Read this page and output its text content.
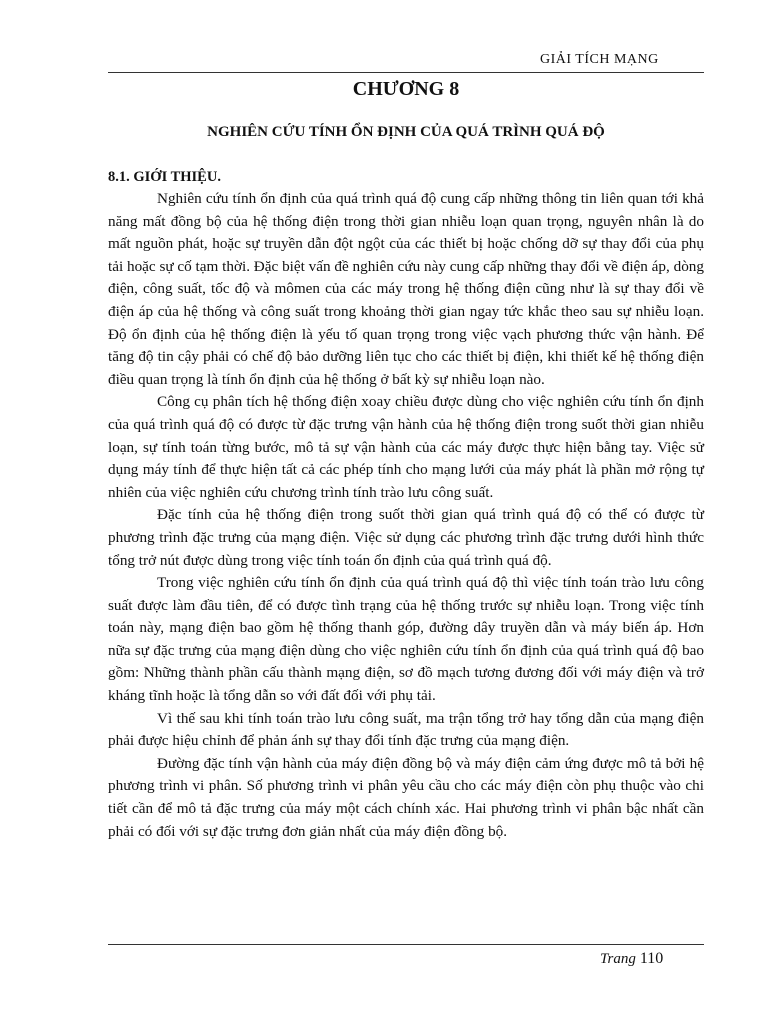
GIẢI TÍCH MẠNG
CHƯƠNG 8
NGHIÊN CỨU TÍNH ỔN ĐỊNH CỦA QUÁ TRÌNH QUÁ ĐỘ
8.1. GIỚI THIỆU.

Nghiên cứu tính ổn định của quá trình quá độ cung cấp những thông tin liên quan tới khả năng mất đồng bộ của hệ thống điện trong thời gian nhiễu loạn quan trọng, nguyên nhân là do mất nguồn phát, hoặc sự truyền dẫn đột ngột của các thiết bị hoặc chống dỡ sự thay đổi của phụ tải hoặc sự cố tạm thời. Đặc biệt vấn đề nghiên cứu này cung cấp những thay đổi về điện áp, dòng điện, công suất, tốc độ và mômen của các máy trong hệ thống điện cũng như là sự thay đổi về điện áp của hệ thống và công suất trong khoảng thời gian ngay tức khắc theo sau sự nhiễu loạn. Độ ổn định của hệ thống điện là yếu tố quan trọng trong việc vạch phương thức vận hành. Để tăng độ tin cậy phải có chế độ bảo dưỡng liên tục cho các thiết bị điện, khi thiết kế hệ thống điện điều quan trọng là tính ổn định của hệ thống ở bất kỳ sự nhiễu loạn nào.

Công cụ phân tích hệ thống điện xoay chiều được dùng cho việc nghiên cứu tính ổn định của quá trình quá độ có được từ đặc trưng vận hành của hệ thống điện trong suốt thời gian nhiễu loạn, sự tính toán từng bước, mô tả sự vận hành của các máy được thực hiện bằng tay. Việc sử dụng máy tính để thực hiện tất cả các phép tính cho mạng lưới của máy phát là phần mở rộng tự nhiên của việc nghiên cứu chương trình tính trào lưu công suất.

Đặc tính của hệ thống điện trong suốt thời gian quá trình quá độ có thể có được từ phương trình đặc trưng của mạng điện. Việc sử dụng các phương trình đặc trưng dưới hình thức tổng trở nút được dùng trong việc tính toán ổn định của quá trình quá độ.

Trong việc nghiên cứu tính ổn định của quá trình quá độ thì việc tính toán trào lưu công suất được làm đầu tiên, để có được tình trạng của hệ thống trước sự nhiễu loạn. Trong việc tính toán này, mạng điện bao gồm hệ thống thanh góp, đường dây truyền dẫn và máy biến áp. Hơn nữa sự đặc trưng của mạng điện dùng cho việc nghiên cứu tính ổn định của quá trình quá độ bao gồm: Những thành phần cấu thành mạng điện, sơ đồ mạch tương đương đối với máy điện và trở kháng tĩnh hoặc là tổng dẫn so với đất đối với phụ tải.

Vì thế sau khi tính toán trào lưu công suất, ma trận tổng trở hay tổng dẫn của mạng điện phải được hiệu chỉnh để phản ánh sự thay đổi tính đặc trưng của mạng điện.

Đường đặc tính vận hành của máy điện đồng bộ và máy điện cảm ứng được mô tả bởi hệ phương trình vi phân. Số phương trình vi phân yêu cầu cho các máy điện còn phụ thuộc vào chi tiết cần để mô tả đặc trưng của máy một cách chính xác. Hai phương trình vi phân bậc nhất cần phải có đối với sự đặc trưng đơn giản nhất của máy điện đồng bộ.

Trang 110
